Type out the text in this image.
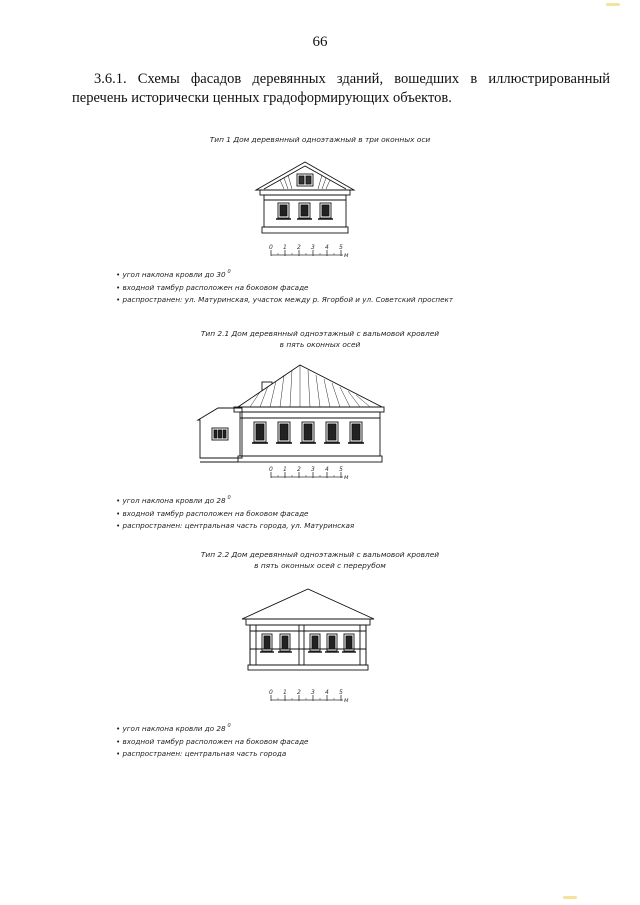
66
3.6.1. Схемы фасадов деревянных зданий, вошедших в иллюстрированный перечень исторически ценных градоформирующих объектов.
Тип 1 Дом деревянный одноэтажный в три оконных оси
0 1 2 3 4 5
м
• угол наклона кровли до 30 $^0$
• входной тамбур расположен на боковом фасаде
• распространен: ул. Матуринская, участок между р. Ягорбой и ул. Советский проспект
Тип 2.1 Дом деревянный одноэтажный с вальмовой кровлей
в пять оконных осей
0 1 2 3 4 5
м
• угол наклона кровли до 28 $^0$
• входной тамбур расположен на боковом фасаде
• распространен: центральная часть города, ул. Матуринская
Тип 2.2 Дом деревянный одноэтажный с вальмовой кровлей
в пять оконных осей с перерубом
0 1 2 3 4 5
м
• угол наклона кровли до 28 $^0$
• входной тамбур расположен на боковом фасаде
• распространен: центральная часть города
